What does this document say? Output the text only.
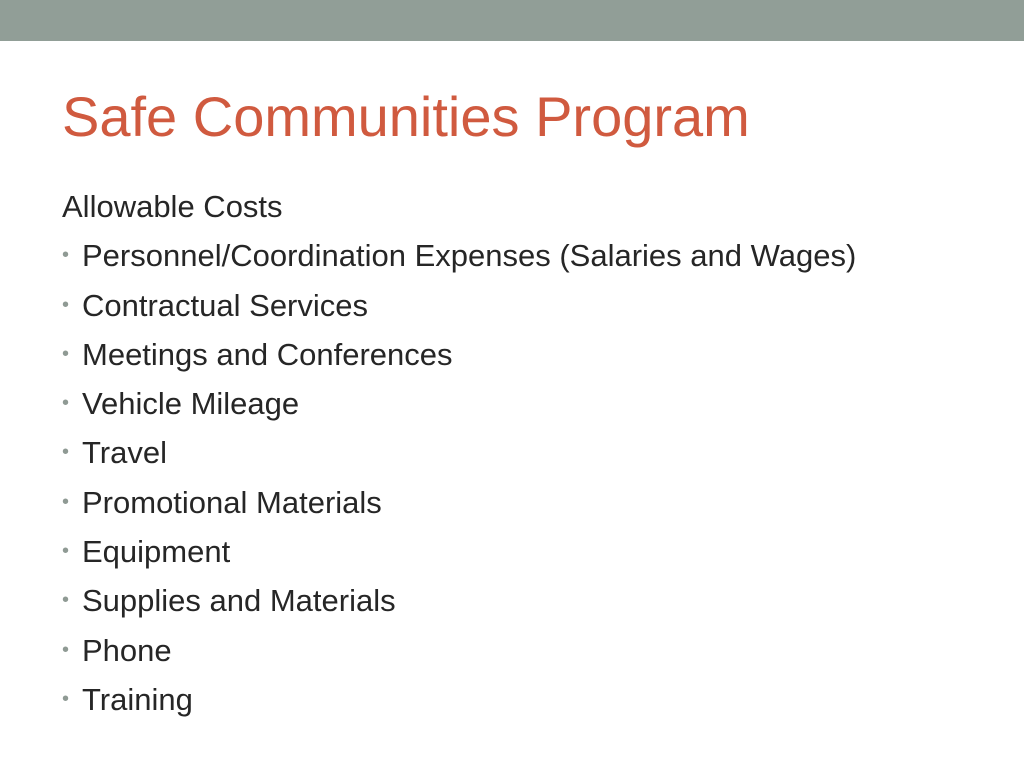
Safe Communities Program
Allowable Costs
• Personnel/Coordination Expenses (Salaries and Wages)
• Contractual Services
• Meetings and Conferences
• Vehicle Mileage
• Travel
• Promotional Materials
• Equipment
• Supplies and Materials
• Phone
• Training
